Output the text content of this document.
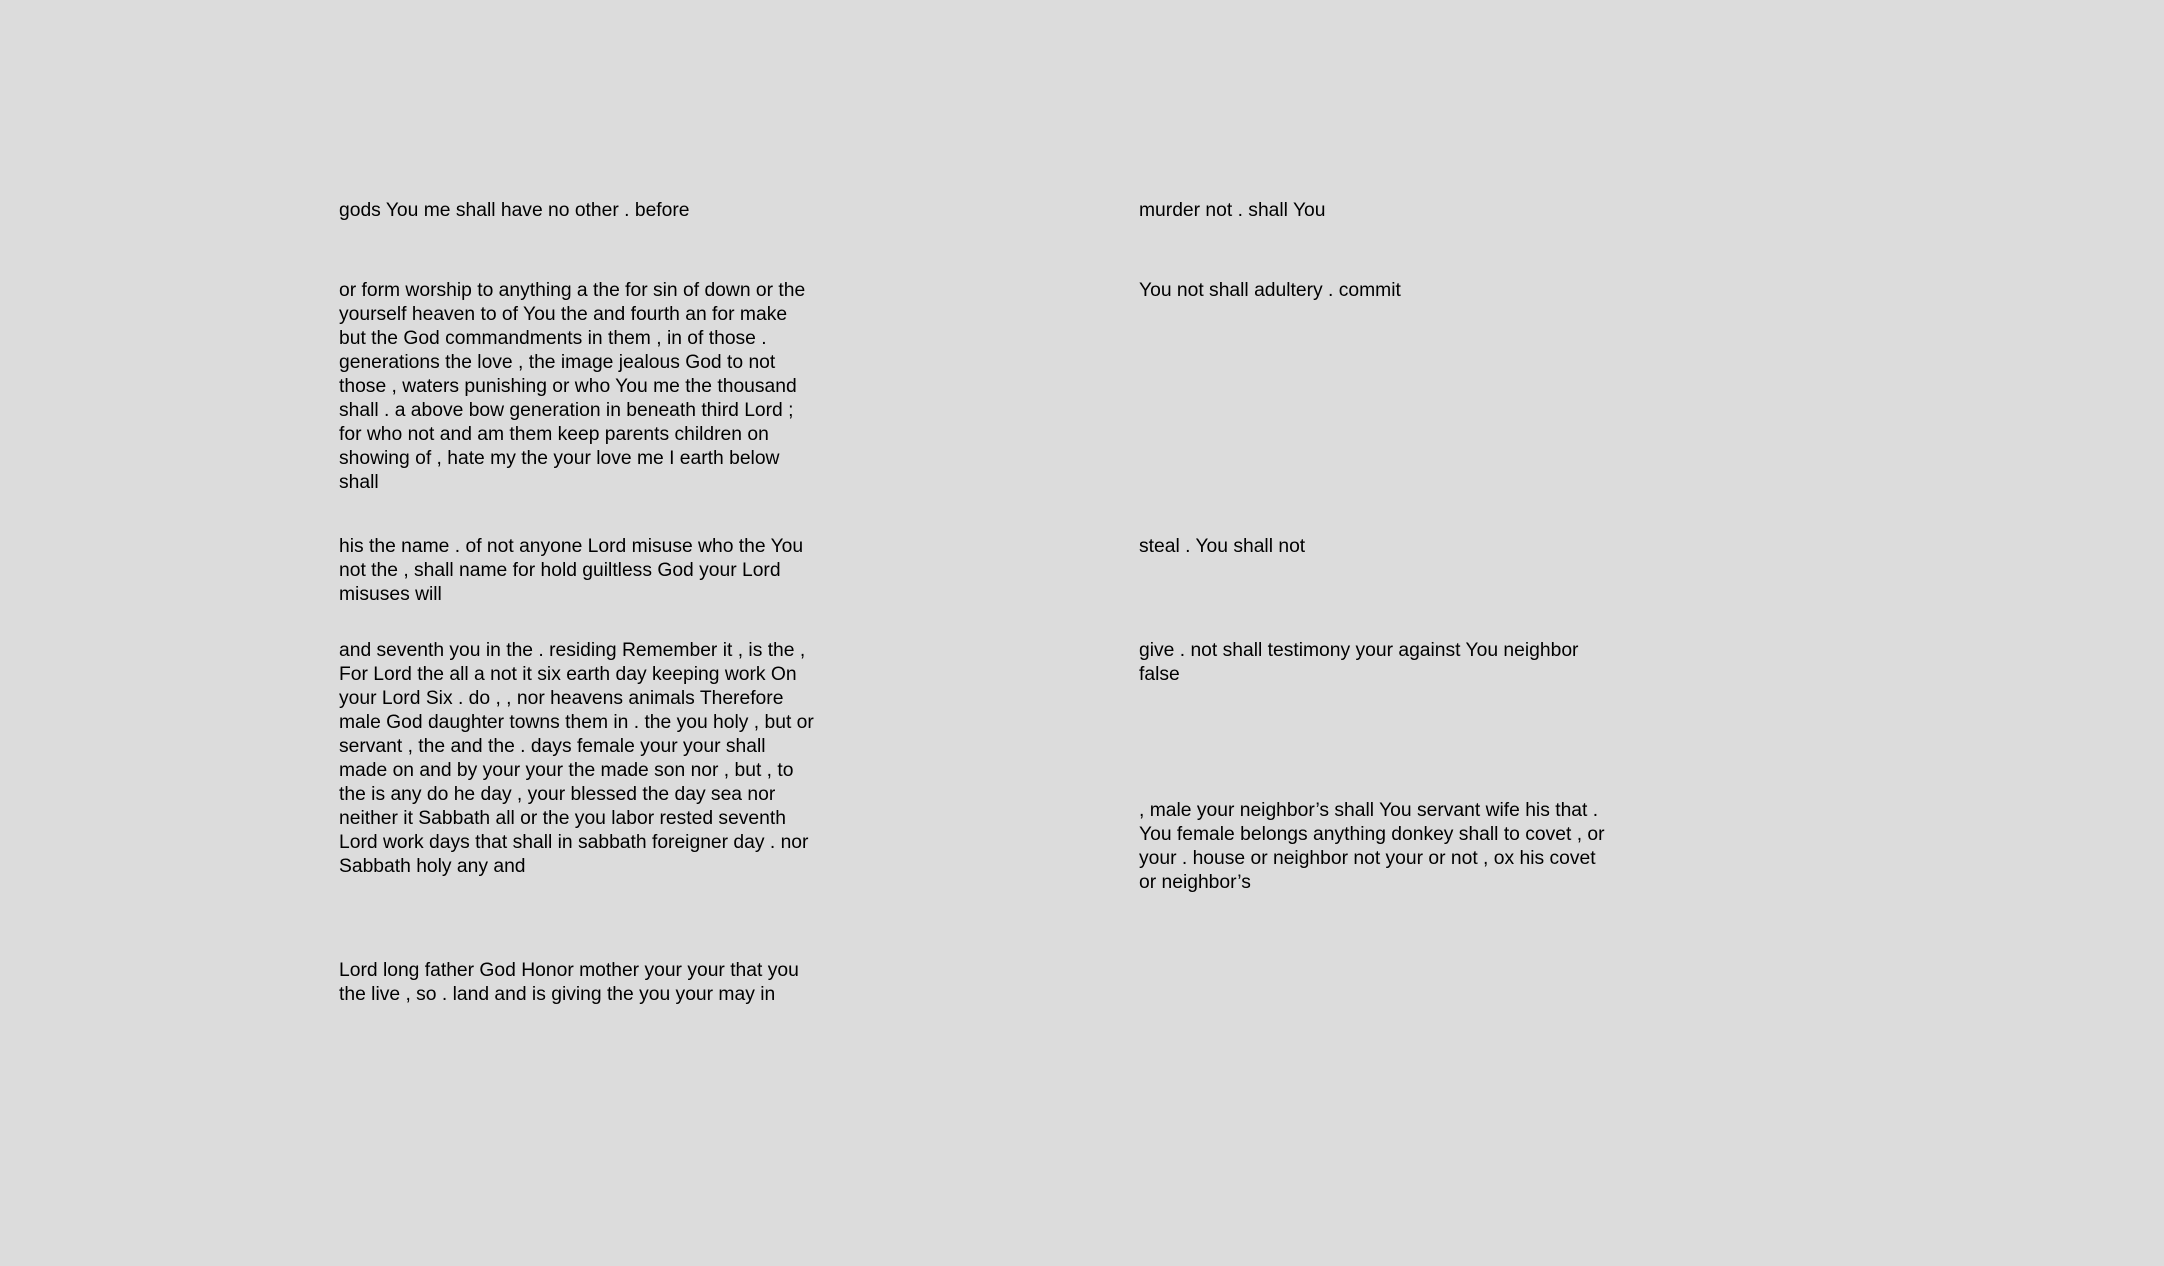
gods You me shall have no other . before

or form worship to anything a the for sin of down or the
yourself heaven to of You the and fourth an for make
but the God commandments in them , in of those .
generations the love , the image jealous God to not
those , waters punishing or who You me the thousand
shall . a above bow generation in beneath third Lord ;
for who not and am them keep parents children on
showing of , hate my the your love me I earth below
shall

his the name . of not anyone Lord misuse who the You
not the , shall name for hold guiltless God your Lord
misuses will

and seventh you in the . residing Remember it , is the ,
For Lord the all a not it six earth day keeping work On
your Lord Six . do , , nor heavens animals Therefore
male God daughter towns them in . the you holy , but or
servant , the and the . days female your your shall
made on and by your your the made son nor , but , to
the is any do he day , your blessed the day sea nor
neither it Sabbath all or the you labor rested seventh
Lord work days that shall in sabbath foreigner day . nor
Sabbath holy any and

Lord long father God Honor mother your your that you
the live , so . land and is giving the you your may in

murder not . shall You

You not shall adultery . commit

steal . You shall not

give . not shall testimony your against You neighbor
false

, male your neighbor’s shall You servant wife his that .
You female belongs anything donkey shall to covet , or
your . house or neighbor not your or not , ox his covet
or neighbor’s
